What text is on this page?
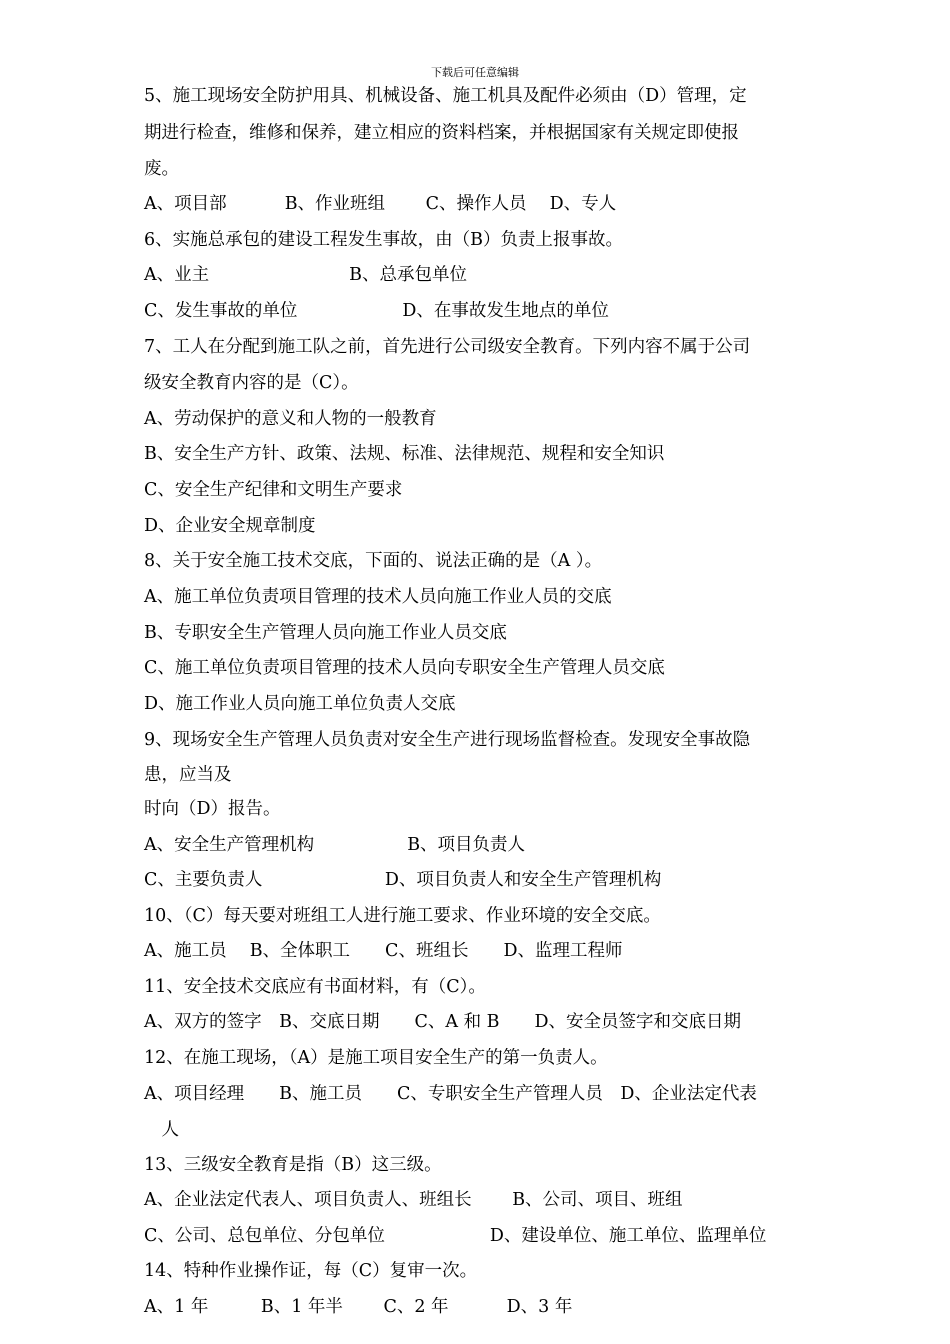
下载后可任意编辑
5、施工现场安全防护用具、机械设备、施工机具及配件必须由（D）管理，定
期进行检查，维修和保养，建立相应的资料档案，并根据国家有关规定即使报
废。
A、项目部　　　 B、作业班组　　 C、操作人员　 D、专人
6、实施总承包的建设工程发生事故，由（B）负责上报事故。
A、业主　　　　　　　　B、总承包单位
C、发生事故的单位　　　　　　D、在事故发生地点的单位
7、工人在分配到施工队之前，首先进行公司级安全教育。下列内容不属于公司
级安全教育内容的是（C）。
A、劳动保护的意义和人物的一般教育
B、安全生产方针、政策、法规、标准、法律规范、规程和安全知识
C、安全生产纪律和文明生产要求
D、企业安全规章制度
8、关于安全施工技术交底，下面的、说法正确的是（A ）。
A、施工单位负责项目管理的技术人员向施工作业人员的交底
B、专职安全生产管理人员向施工作业人员交底
C、施工单位负责项目管理的技术人员向专职安全生产管理人员交底
D、施工作业人员向施工单位负责人交底
9、现场安全生产管理人员负责对安全生产进行现场监督检查。发现安全事故隐
患，应当及
时向（D）报告。
A、安全生产管理机构　　　　　 B、项目负责人
C、主要负责人　　　　　　　D、项目负责人和安全生产管理机构
10、（C）每天要对班组工人进行施工要求、作业环境的安全交底。
A、施工员　 B、全体职工　　C、班组长　　D、监理工程师
11、安全技术交底应有书面材料，有（C）。
A、双方的签字　B、交底日期　　C、A 和 B　　D、安全员签字和交底日期
12、在施工现场，（A）是施工项目安全生产的第一负责人。
A、项目经理　　B、施工员　　C、专职安全生产管理人员　D、企业法定代表
　人
13、三级安全教育是指（B）这三级。
A、企业法定代表人、项目负责人、班组长　　 B、公司、项目、班组
C、公司、总包单位、分包单位　　　　　　D、建设单位、施工单位、监理单位
14、特种作业操作证，每（C）复审一次。
A、1 年　　　B、1 年半　　 C、2 年　　　 D、3 年
